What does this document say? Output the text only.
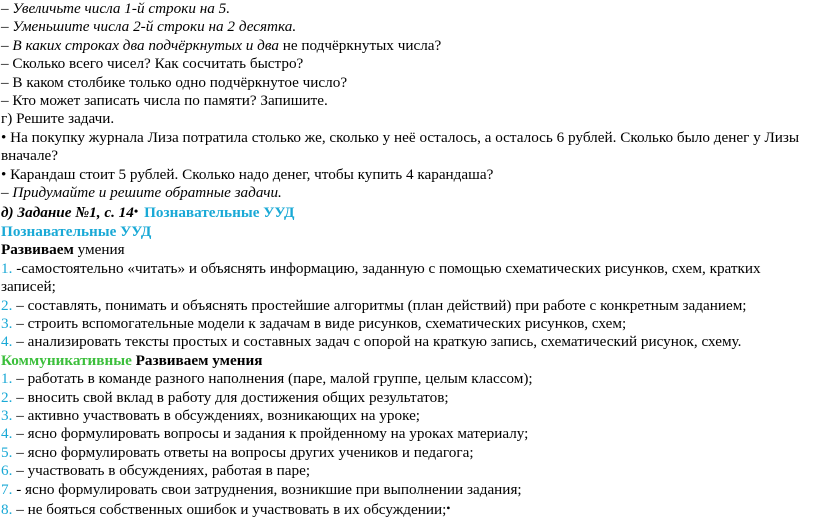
– Увеличьте числа 1-й строки на 5.
– Уменьшите числа 2-й строки на 2 десятка.
– В каких строках два подчёркнутых и два не подчёркнутых числа?
– Сколько всего чисел? Как сосчитать быстро?
– В каком столбике только одно подчёркнутое число?
– Кто может записать числа по памяти? Запишите.
г) Решите задачи.
• На покупку журнала Лиза потратила столько же, сколько у неё осталось, а осталось 6 рублей. Сколько было денег у Лизы вначале?
• Карандаш стоит 5 рублей. Сколько надо денег, чтобы купить 4 карандаша?
– Придумайте и решите обратные задачи.
д) Задание №1, с. 14• Познавательные УУД
Познавательные УУД
Развиваем умения
1. -самостоятельно «читать» и объяснять информацию, заданную с помощью схематических рисунков, схем, кратких записей;
2. – составлять, понимать и объяснять простейшие алгоритмы (план действий) при работе с конкретным заданием;
3. – строить вспомогательные модели к задачам в виде рисунков, схематических рисунков, схем;
4. – анализировать тексты простых и составных задач с опорой на краткую запись, схематический рисунок, схему.
Коммуникативные Развиваем умения
1. – работать в команде разного наполнения (паре, малой группе, целым классом);
2. – вносить свой вклад в работу для достижения общих результатов;
3. – активно участвовать в обсуждениях, возникающих на уроке;
4. – ясно формулировать вопросы и задания к пройденному на уроках материалу;
5. – ясно формулировать ответы на вопросы других учеников и педагога;
6. – участвовать в обсуждениях, работая в паре;
7. - ясно формулировать свои затруднения, возникшие при выполнении задания;
8. – не бояться собственных ошибок и участвовать в их обсуждении;•
